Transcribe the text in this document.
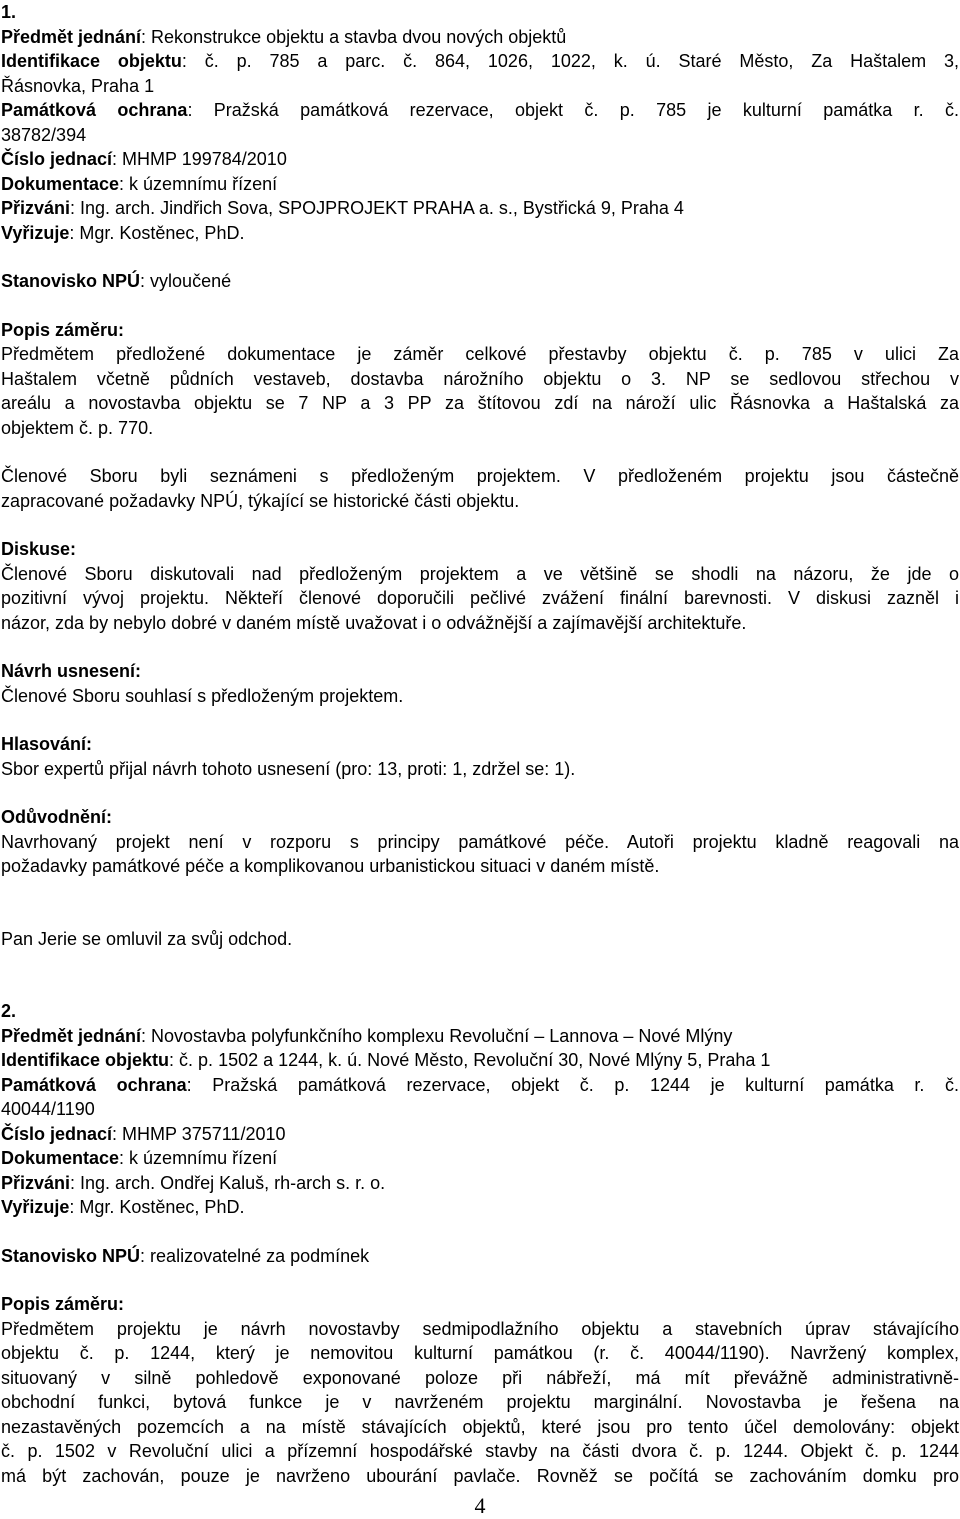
1.
Předmět jednání: Rekonstrukce objektu a stavba dvou nových objektů
Identifikace objektu: č. p. 785 a parc. č. 864, 1026, 1022, k. ú. Staré Město, Za Haštalem 3,
Řásnovka, Praha 1
Památková ochrana: Pražská památková rezervace, objekt č. p. 785 je kulturní památka r. č.
38782/394
Číslo jednací: MHMP 199784/2010
Dokumentace: k územnímu řízení
Přizváni: Ing. arch. Jindřich Sova, SPOJPROJEKT PRAHA a. s., Bystřická 9, Praha 4
Vyřizuje: Mgr. Kostěnec, PhD.
Stanovisko NPÚ: vyloučené
Popis záměru:
Předmětem předložené dokumentace je záměr celkové přestavby objektu č. p. 785 v ulici Za
Haštalem včetně půdních vestaveb, dostavba nárožního objektu o 3. NP se sedlovou střechou v
areálu a novostavba objektu se 7 NP a 3 PP za štítovou zdí na nároží ulic Řásnovka a Haštalská za
objektem č. p. 770.
Členové Sboru byli seznámeni s předloženým projektem. V předloženém projektu jsou částečně
zapracované požadavky NPÚ, týkající se historické části objektu.
Diskuse:
Členové Sboru diskutovali nad předloženým projektem a ve většině se shodli na názoru, že jde o
pozitivní vývoj projektu. Někteří členové doporučili pečlivé zvážení finální barevnosti. V diskusi zazněl i
názor, zda by nebylo dobré v daném místě uvažovat i o odvážnější a zajímavější architektuře.
Návrh usnesení:
Členové Sboru souhlasí s předloženým projektem.
Hlasování:
Sbor expertů přijal návrh tohoto usnesení (pro: 13, proti: 1, zdržel se: 1).
Odůvodnění:
Navrhovaný projekt není v rozporu s principy památkové péče. Autoři projektu kladně reagovali na
požadavky památkové péče a komplikovanou urbanistickou situaci v daném místě.
Pan Jerie se omluvil za svůj odchod.
2.
Předmět jednání: Novostavba polyfunkčního komplexu Revoluční – Lannova – Nové Mlýny
Identifikace objektu: č. p. 1502 a 1244, k. ú. Nové Město, Revoluční 30, Nové Mlýny 5, Praha 1
Památková ochrana: Pražská památková rezervace, objekt č. p. 1244 je kulturní památka r. č.
40044/1190
Číslo jednací: MHMP 375711/2010
Dokumentace: k územnímu řízení
Přizváni: Ing. arch. Ondřej Kaluš, rh-arch s. r. o.
Vyřizuje: Mgr. Kostěnec, PhD.
Stanovisko NPÚ: realizovatelné za podmínek
Popis záměru:
Předmětem projektu je návrh novostavby sedmipodlažního objektu a stavebních úprav stávajícího
objektu č. p. 1244, který je nemovitou kulturní památkou (r. č. 40044/1190). Navržený komplex,
situovaný v silně pohledově exponované poloze při nábřeží, má mít převážně administrativně-
obchodní funkci, bytová funkce je v navrženém projektu marginální. Novostavba je řešena na
nezastavěných pozemcích a na místě stávajících objektů, které jsou pro tento účel demolovány: objekt
č. p. 1502 v Revoluční ulici a přízemní hospodářské stavby na části dvora č. p. 1244. Objekt č. p. 1244
má být zachován, pouze je navrženo ubourání pavlače. Rovněž se počítá se zachováním domku pro
4
